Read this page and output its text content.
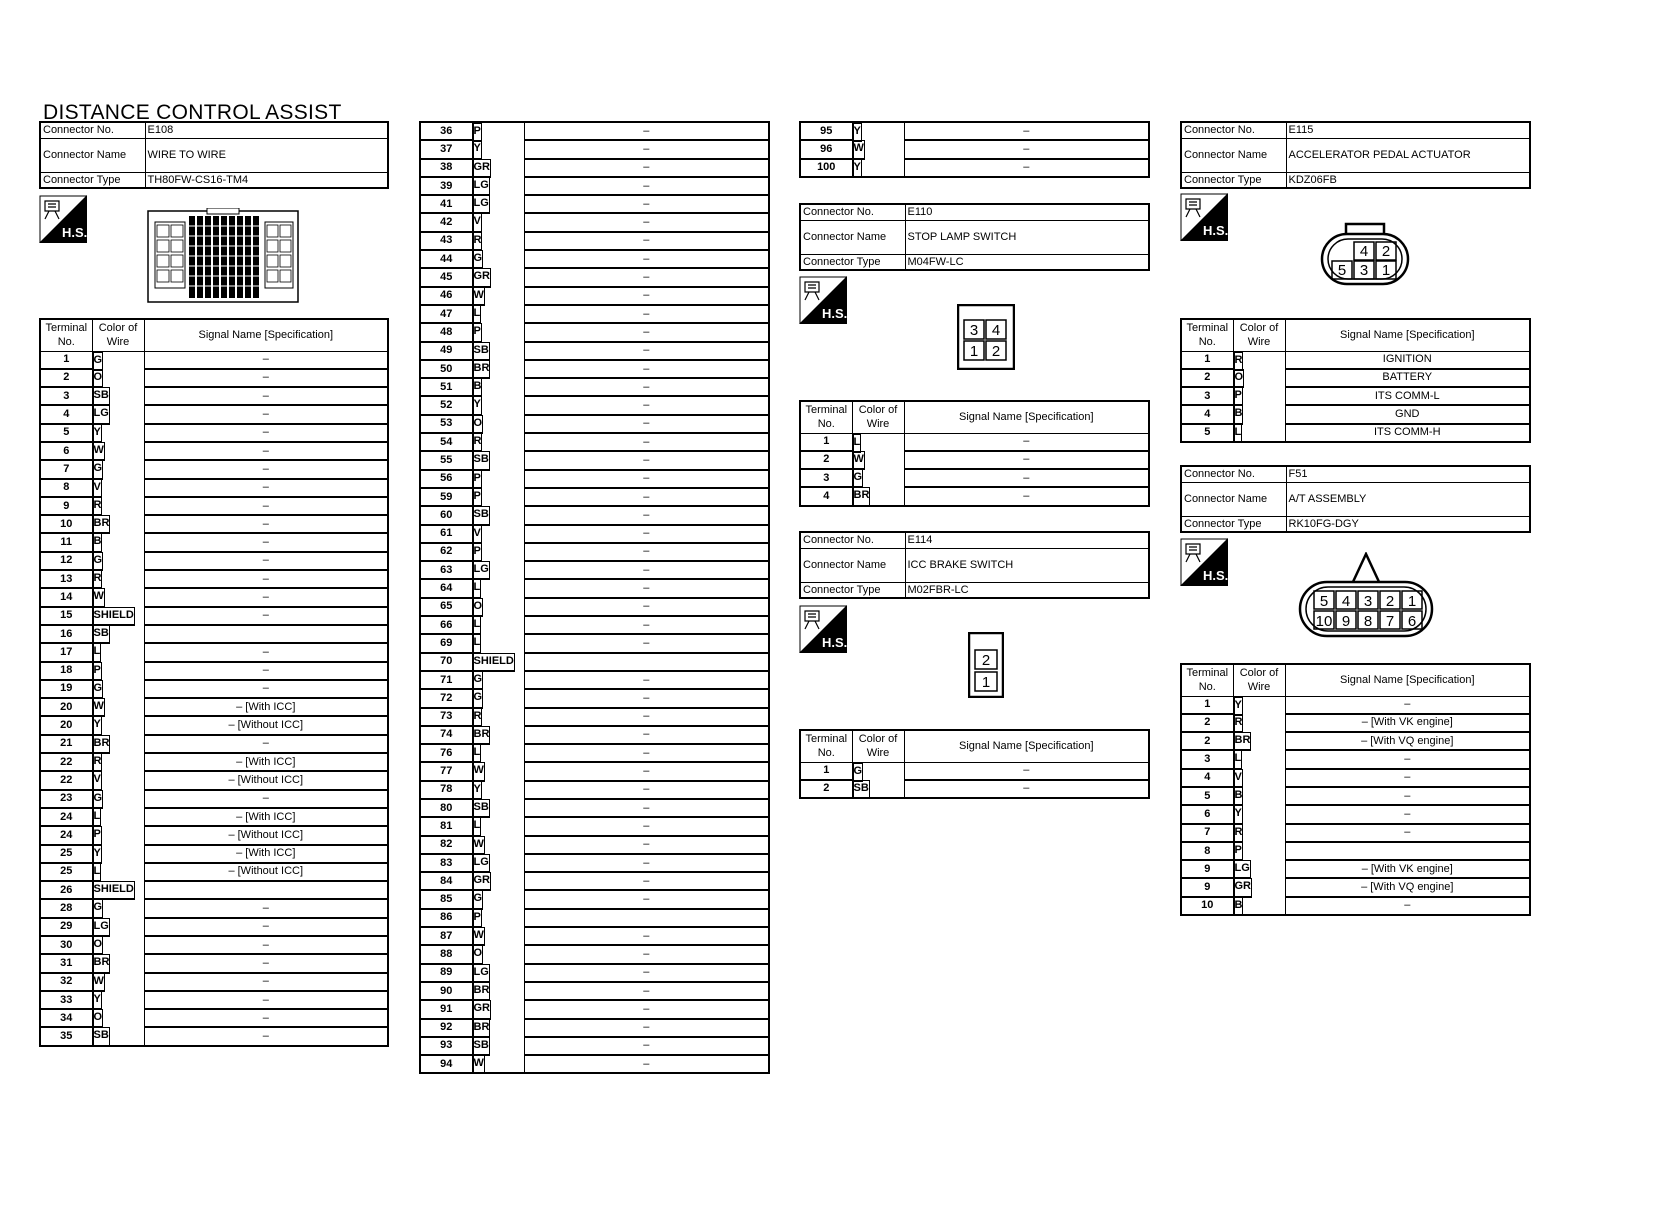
DISTANCE CONTROL ASSIST
Connector No.	E108
Connector Name	WIRE TO WIRE
Connector Type	TH80FW-CS16-TM4
H.S.
Terminal No.	Color of Wire	Signal Name [Specification]
1	G	–
2	O	–
3	SB	–
4	LG	–
5	Y	–
6	W	–
7	G	–
8	V	–
9	R	–
10	BR	–
11	B	–
12	G	–
13	R	–
14	W	–
15	SHIELD	–
16	SB

17	L	–
18	P	–
19	G	–
20	W	– [With ICC]
20	Y	– [Without ICC]
21	BR	–
22	R	– [With ICC]
22	V	– [Without ICC]
23	G	–
24	L	– [With ICC]
24	P	– [Without ICC]
25	Y	– [With ICC]
25	L	– [Without ICC]
26	SHIELD

28	G	–
29	LG	–
30	O	–
31	BR	–
32	W	–
33	Y	–
34	O	–
35	SB	–
36	P	–
37	Y	–
38	GR	–
39	LG	–
41	LG	–
42	V	–
43	R	–
44	G	–
45	GR	–
46	W	–
47	L	–
48	P	–
49	SB	–
50	BR	–
51	B	–
52	Y	–
53	O	–
54	R	–
55	SB	–
56	P	–
59	P	–
60	SB	–
61	V	–
62	P	–
63	LG	–
64	L	–
65	O	–
66	L	–
69	L	–
70	SHIELD

71	G	–
72	G	–
73	R	–
74	BR	–
76	L	–
77	W	–
78	Y	–
80	SB	–
81	L	–
82	W	–
83	LG	–
84	GR	–
85	G	–
86	P

87	W	–
88	O	–
89	LG	–
90	BR	–
91	GR	–
92	BR	–
93	SB	–
94	W	–
95	Y	–
96	W	–
100	Y	–
Connector No.	E110
Connector Name	STOP LAMP SWITCH
Connector Type	M04FW-LC
H.S.
3 4
1 2
Terminal No.	Color of Wire	Signal Name [Specification]
1	L	–
2	W	–
3	G	–
4	BR	–
Connector No.	E114
Connector Name	ICC BRAKE SWITCH
Connector Type	M02FBR-LC
H.S.
2
1
Terminal No.	Color of Wire	Signal Name [Specification]
1	G	–
2	SB	–
Connector No.	E115
Connector Name	ACCELERATOR PEDAL ACTUATOR
Connector Type	KDZ06FB
H.S.
4 2
5 3 1
Terminal No.	Color of Wire	Signal Name [Specification]
1	R	IGNITION
2	O	BATTERY
3	P	ITS COMM-L
4	B	GND
5	L	ITS COMM-H
Connector No.	F51
Connector Name	A/T ASSEMBLY
Connector Type	RK10FG-DGY
H.S.
5 4 3 2 1
10 9 8 7 6
Terminal No.	Color of Wire	Signal Name [Specification]
1	Y	–
2	R	– [With VK engine]
2	BR	– [With VQ engine]
3	L	–
4	V	–
5	B	–
6	Y	–
7	R	–
8	P

9	LG	– [With VK engine]
9	GR	– [With VQ engine]
10	B	–
